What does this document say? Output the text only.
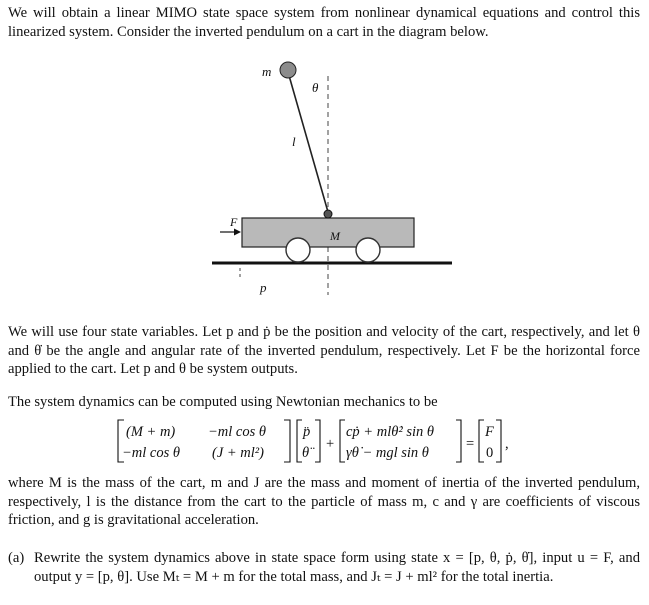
We will obtain a linear MIMO state space system from nonlinear dynamical equations and control this linearized system. Consider the inverted pendulum on a cart in the diagram below.
m
θ
l
F
M
p
We will use four state variables. Let p and ṗ be the position and velocity of the cart, respectively, and let θ and θ̇ be the angle and angular rate of the inverted pendulum, respectively. Let F be the horizontal force applied to the cart. Let p and θ be system outputs.
The system dynamics can be computed using Newtonian mechanics to be
(M + m) −ml cos θ
−ml cos θ (J + ml²)
p̈
θ̈
+
cṗ + mlθ̇² sin θ
γθ̇ − mgl sin θ
=
F
0
,
where M is the mass of the cart, m and J are the mass and moment of inertia of the inverted pendulum, respectively, l is the distance from the cart to the particle of mass m, c and γ are coefficients of viscous friction, and g is gravitational acceleration.
(a) Rewrite the system dynamics above in state space form using state x = [p, θ, ṗ, θ̇], input u = F, and output y = [p, θ]. Use Mₜ = M + m for the total mass, and Jₜ = J + ml² for the total inertia.
